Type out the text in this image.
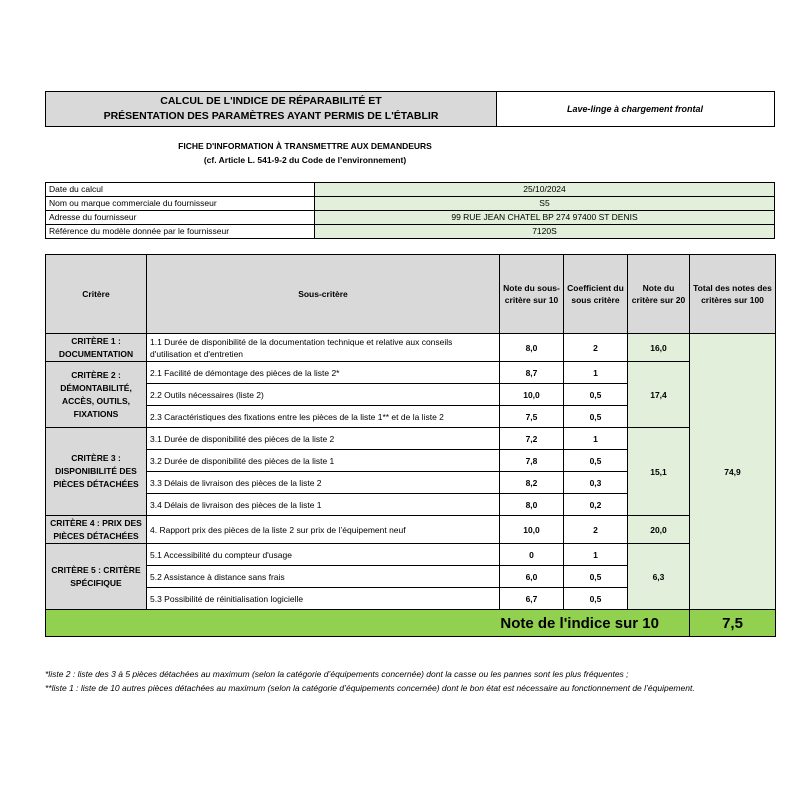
CALCUL DE L'INDICE DE RÉPARABILITÉ ET
PRÉSENTATION DES PARAMÈTRES AYANT PERMIS DE L'ÉTABLIR
Lave-linge à chargement frontal
FICHE D'INFORMATION À TRANSMETTRE AUX DEMANDEURS
(cf. Article L. 541-9-2 du Code de l’environnement)
Date du calcul	25/10/2024
Nom ou marque commerciale du fournisseur	S5
Adresse du fournisseur	99 RUE JEAN CHATEL BP 274 97400 ST DENIS
Référence du modèle donnée par le fournisseur	7120S
Critère	Sous-critère	Note du sous-critère sur 10	Coefficient du sous critère	Note du critère sur 20	Total des notes des critères sur 100
CRITÈRE 1 : DOCUMENTATION	1.1 Durée de disponibilité de la documentation technique et relative aux conseils d'utilisation et d'entretien	8,0	2	16,0	74,9
CRITÈRE 2 : DÉMONTABILITÉ, ACCÈS, OUTILS, FIXATIONS	2.1 Facilité de démontage des pièces de la liste 2*	8,7	1	17,4	
	2.2 Outils nécessaires (liste 2)	10,0	0,5		
	2.3 Caractéristiques des fixations entre les pièces de la liste 1** et de la liste 2	7,5	0,5		
CRITÈRE 3 : DISPONIBILITÉ DES PIÈCES DÉTACHÉES	3.1 Durée de disponibilité des pièces de la liste 2	7,2	1	15,1	
	3.2 Durée de disponibilité des pièces de la liste 1	7,8	0,5		
	3.3 Délais de livraison des pièces de la liste 2	8,2	0,3		
	3.4 Délais de livraison des pièces de la liste 1	8,0	0,2		
CRITÈRE 4 : PRIX DES PIÈCES DÉTACHÉES	4. Rapport prix des pièces de la liste 2 sur prix de l’équipement neuf	10,0	2	20,0	
CRITÈRE 5 : CRITÈRE SPÉCIFIQUE	5.1 Accessibilité du compteur d'usage	0	1	6,3	
	5.2 Assistance à distance sans frais	6,0	0,5		
	5.3 Possibilité de réinitialisation logicielle	6,7	0,5		
Note de l'indice sur 10					7,5
*liste 2 : liste des 3 à 5 pièces détachées au maximum (selon la catégorie d’équipements concernée) dont la casse ou les pannes sont les plus fréquentes ;
**liste 1 : liste de 10 autres pièces détachées au maximum (selon la catégorie d’équipements concernée) dont le bon état est nécessaire au fonctionnement de l’équipement.
